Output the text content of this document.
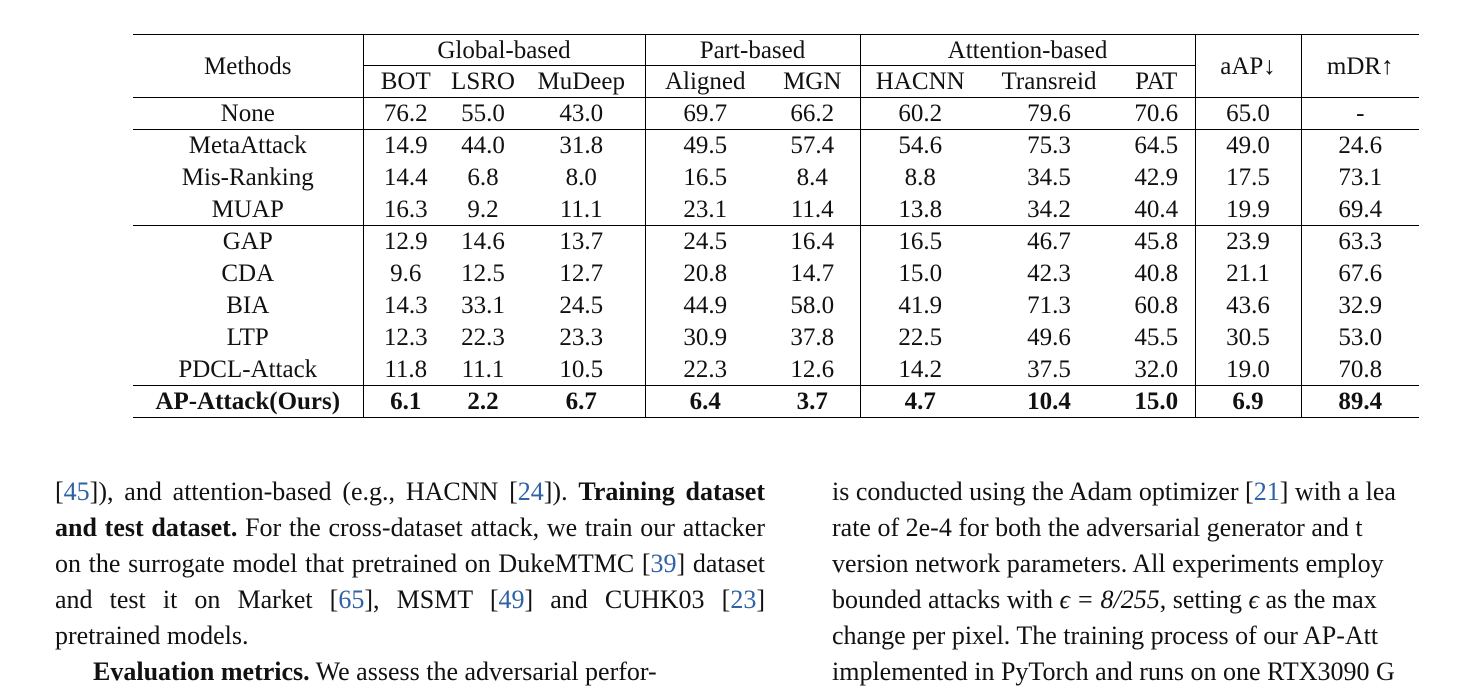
Methods	Global-based			Part-based		Attention-based			aAP↓	mDR↑
	BOT	LSRO	MuDeep	Aligned	MGN	HACNN	Transreid	PAT		
None	76.2	55.0	43.0	69.7	66.2	60.2	79.6	70.6	65.0	-
MetaAttack	14.9	44.0	31.8	49.5	57.4	54.6	75.3	64.5	49.0	24.6
Mis-Ranking	14.4	6.8	8.0	16.5	8.4	8.8	34.5	42.9	17.5	73.1
MUAP	16.3	9.2	11.1	23.1	11.4	13.8	34.2	40.4	19.9	69.4
GAP	12.9	14.6	13.7	24.5	16.4	16.5	46.7	45.8	23.9	63.3
CDA	9.6	12.5	12.7	20.8	14.7	15.0	42.3	40.8	21.1	67.6
BIA	14.3	33.1	24.5	44.9	58.0	41.9	71.3	60.8	43.6	32.9
LTP	12.3	22.3	23.3	30.9	37.8	22.5	49.6	45.5	30.5	53.0
PDCL-Attack	11.8	11.1	10.5	22.3	12.6	14.2	37.5	32.0	19.0	70.8
AP-Attack(Ours)	6.1	2.2	6.7	6.4	3.7	4.7	10.4	15.0	6.9	89.4
[45]), and attention-based (e.g., HACNN [24]). Training dataset and test dataset. For the cross-dataset attack, we train our attacker on the surrogate model that pretrained on DukeMTMC [39] dataset and test it on Market [65], MSMT [49] and CUHK03 [23] pretrained models.
Evaluation metrics. We assess the adversarial perfor-
is conducted using the Adam optimizer [21] with a lea
rate of 2e-4 for both the adversarial generator and t
version network parameters. All experiments employ
bounded attacks with ϵ = 8/255, setting ϵ as the max
change per pixel. The training process of our AP-Att
implemented in PyTorch and runs on one RTX3090 G
